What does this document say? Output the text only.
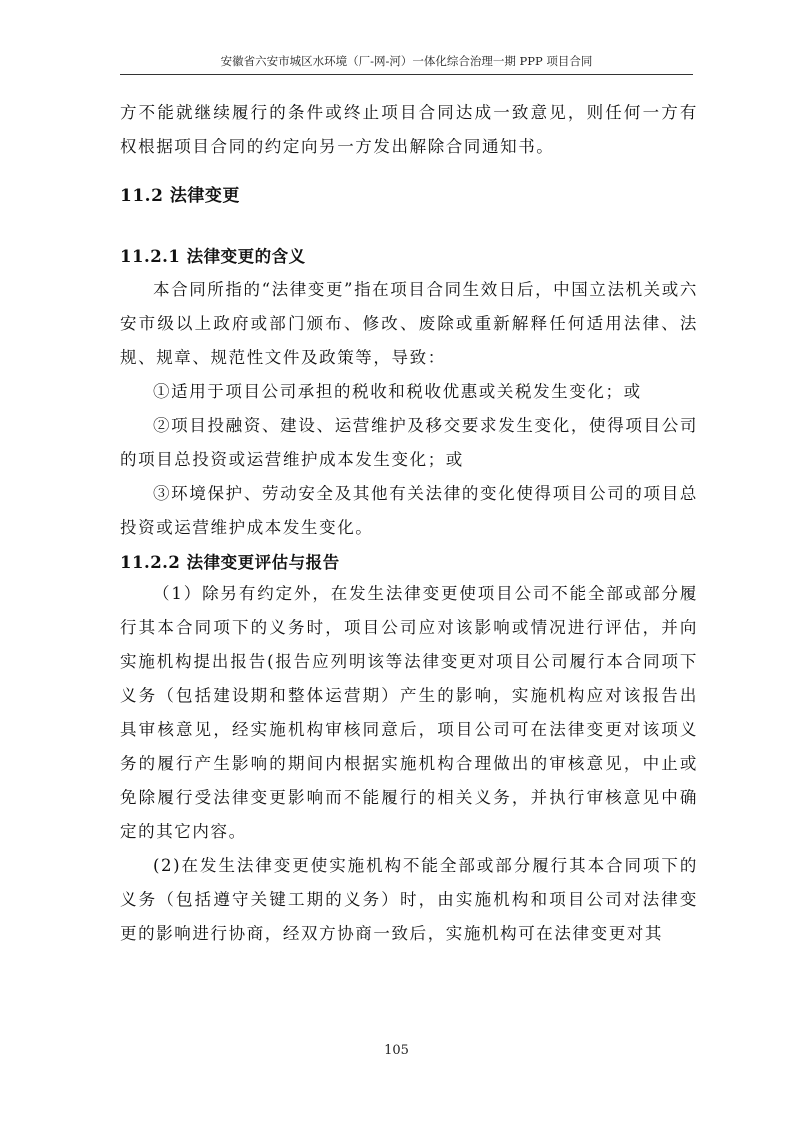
安徽省六安市城区水环境（厂-网-河）一体化综合治理一期 PPP 项目合同

方不能就继续履行的条件或终止项目合同达成一致意见，则任何一方有权根据项目合同的约定向另一方发出解除合同通知书。

11.2 法律变更

11.2.1 法律变更的含义

本合同所指的“法律变更”指在项目合同生效日后，中国立法机关或六安市级以上政府或部门颁布、修改、废除或重新解释任何适用法律、法规、规章、规范性文件及政策等，导致：

①适用于项目公司承担的税收和税收优惠或关税发生变化；或

②项目投融资、建设、运营维护及移交要求发生变化，使得项目公司的项目总投资或运营维护成本发生变化；或

③环境保护、劳动安全及其他有关法律的变化使得项目公司的项目总投资或运营维护成本发生变化。

11.2.2 法律变更评估与报告

（1）除另有约定外，在发生法律变更使项目公司不能全部或部分履行其本合同项下的义务时，项目公司应对该影响或情况进行评估，并向实施机构提出报告(报告应列明该等法律变更对项目公司履行本合同项下义务（包括建设期和整体运营期）产生的影响，实施机构应对该报告出具审核意见，经实施机构审核同意后，项目公司可在法律变更对该项义务的履行产生影响的期间内根据实施机构合理做出的审核意见，中止或免除履行受法律变更影响而不能履行的相关义务，并执行审核意见中确定的其它内容。

(2)在发生法律变更使实施机构不能全部或部分履行其本合同项下的义务（包括遵守关键工期的义务）时，由实施机构和项目公司对法律变更的影响进行协商，经双方协商一致后，实施机构可在法律变更对其

105
